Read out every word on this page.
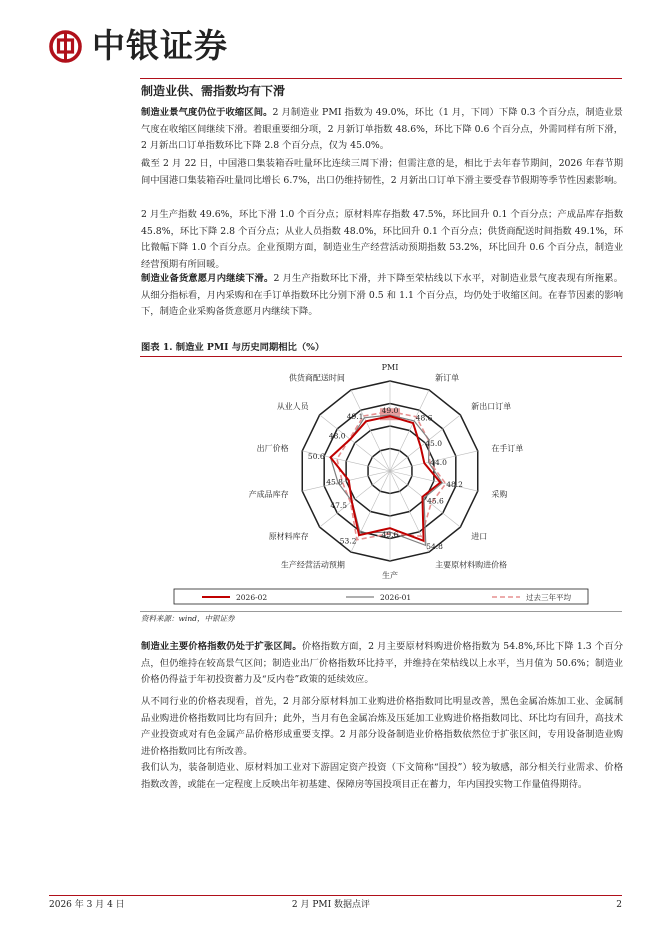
中银证券
制造业供、需指数均有下滑
制造业景气度仍位于收缩区间。2 月制造业 PMI 指数为 49.0%，环比（1 月，下同）下降 0.3 个百分点，制造业景气度在收缩区间继续下滑。着眼重要细分项，2 月新订单指数 48.6%，环比下降 0.6 个百分点，外需同样有所下滑，2 月新出口订单指数环比下降 2.8 个百分点，仅为 45.0%。
截至 2 月 22 日，中国港口集装箱吞吐量环比连续三周下滑；但需注意的是，相比于去年春节期间，2026 年春节期间中国港口集装箱吞吐量同比增长 6.7%，出口仍维持韧性，2 月新出口订单下滑主要受春节假期等季节性因素影响。
2 月生产指数 49.6%，环比下滑 1.0 个百分点；原材料库存指数 47.5%，环比回升 0.1 个百分点；产成品库存指数 45.8%，环比下降 2.8 个百分点；从业人员指数 48.0%，环比回升 0.1 个百分点；供货商配送时间指数 49.1%，环比微幅下降 1.0 个百分点。企业预期方面，制造业生产经营活动预期指数 53.2%，环比回升 0.6 个百分点，制造业经营预期有所回暖。
制造业备货意愿月内继续下滑。2 月生产指数环比下滑，并下降至荣枯线以下水平，对制造业景气度表现有所拖累。从细分指标看，月内采购和在手订单指数环比分别下滑 0.5 和 1.1 个百分点，均仍处于收缩区间。在春节因素的影响下，制造企业采购备货意愿月内继续下降。
图表 1. 制造业 PMI 与历史同期相比（%）
PMI
新订单
新出口订单
在手订单
采购
进口
主要原材料购进价格
生产
生产经营活动预期
原材料库存
产成品库存
出厂价格
从业人员
供货商配送时间
49.0
48.6
45.0
44.0
48.2
45.6
54.8
49.6
53.2
47.5
45.8
50.6
48.0
49.1
2026-02	2026-01	过去三年平均
资料来源：wind，中银证券
制造业主要价格指数仍处于扩张区间。价格指数方面，2 月主要原材料购进价格指数为 54.8%,环比下降 1.3 个百分点，但仍维持在较高景气区间；制造业出厂价格指数环比持平，并维持在荣枯线以上水平，当月值为 50.6%；制造业价格仍得益于年初投资蓄力及“反内卷”政策的延续效应。
从不同行业的价格表现看，首先，2 月部分原材料加工业购进价格指数同比明显改善，黑色金属冶炼加工业、金属制品业购进价格指数同比均有回升；此外，当月有色金属冶炼及压延加工业购进价格指数同比、环比均有回升，高技术产业投资或对有色金属产品价格形成重要支撑。2 月部分设备制造业价格指数依然位于扩张区间，专用设备制造业购进价格指数同比有所改善。
我们认为，装备制造业、原材料加工业对下游固定资产投资（下文简称“国投”）较为敏感，部分相关行业需求、价格指数改善，或能在一定程度上反映出年初基建、保障房等国投项目正在蓄力，年内国投实物工作量值得期待。
2026 年 3 月 4 日	2 月 PMI 数据点评	2
